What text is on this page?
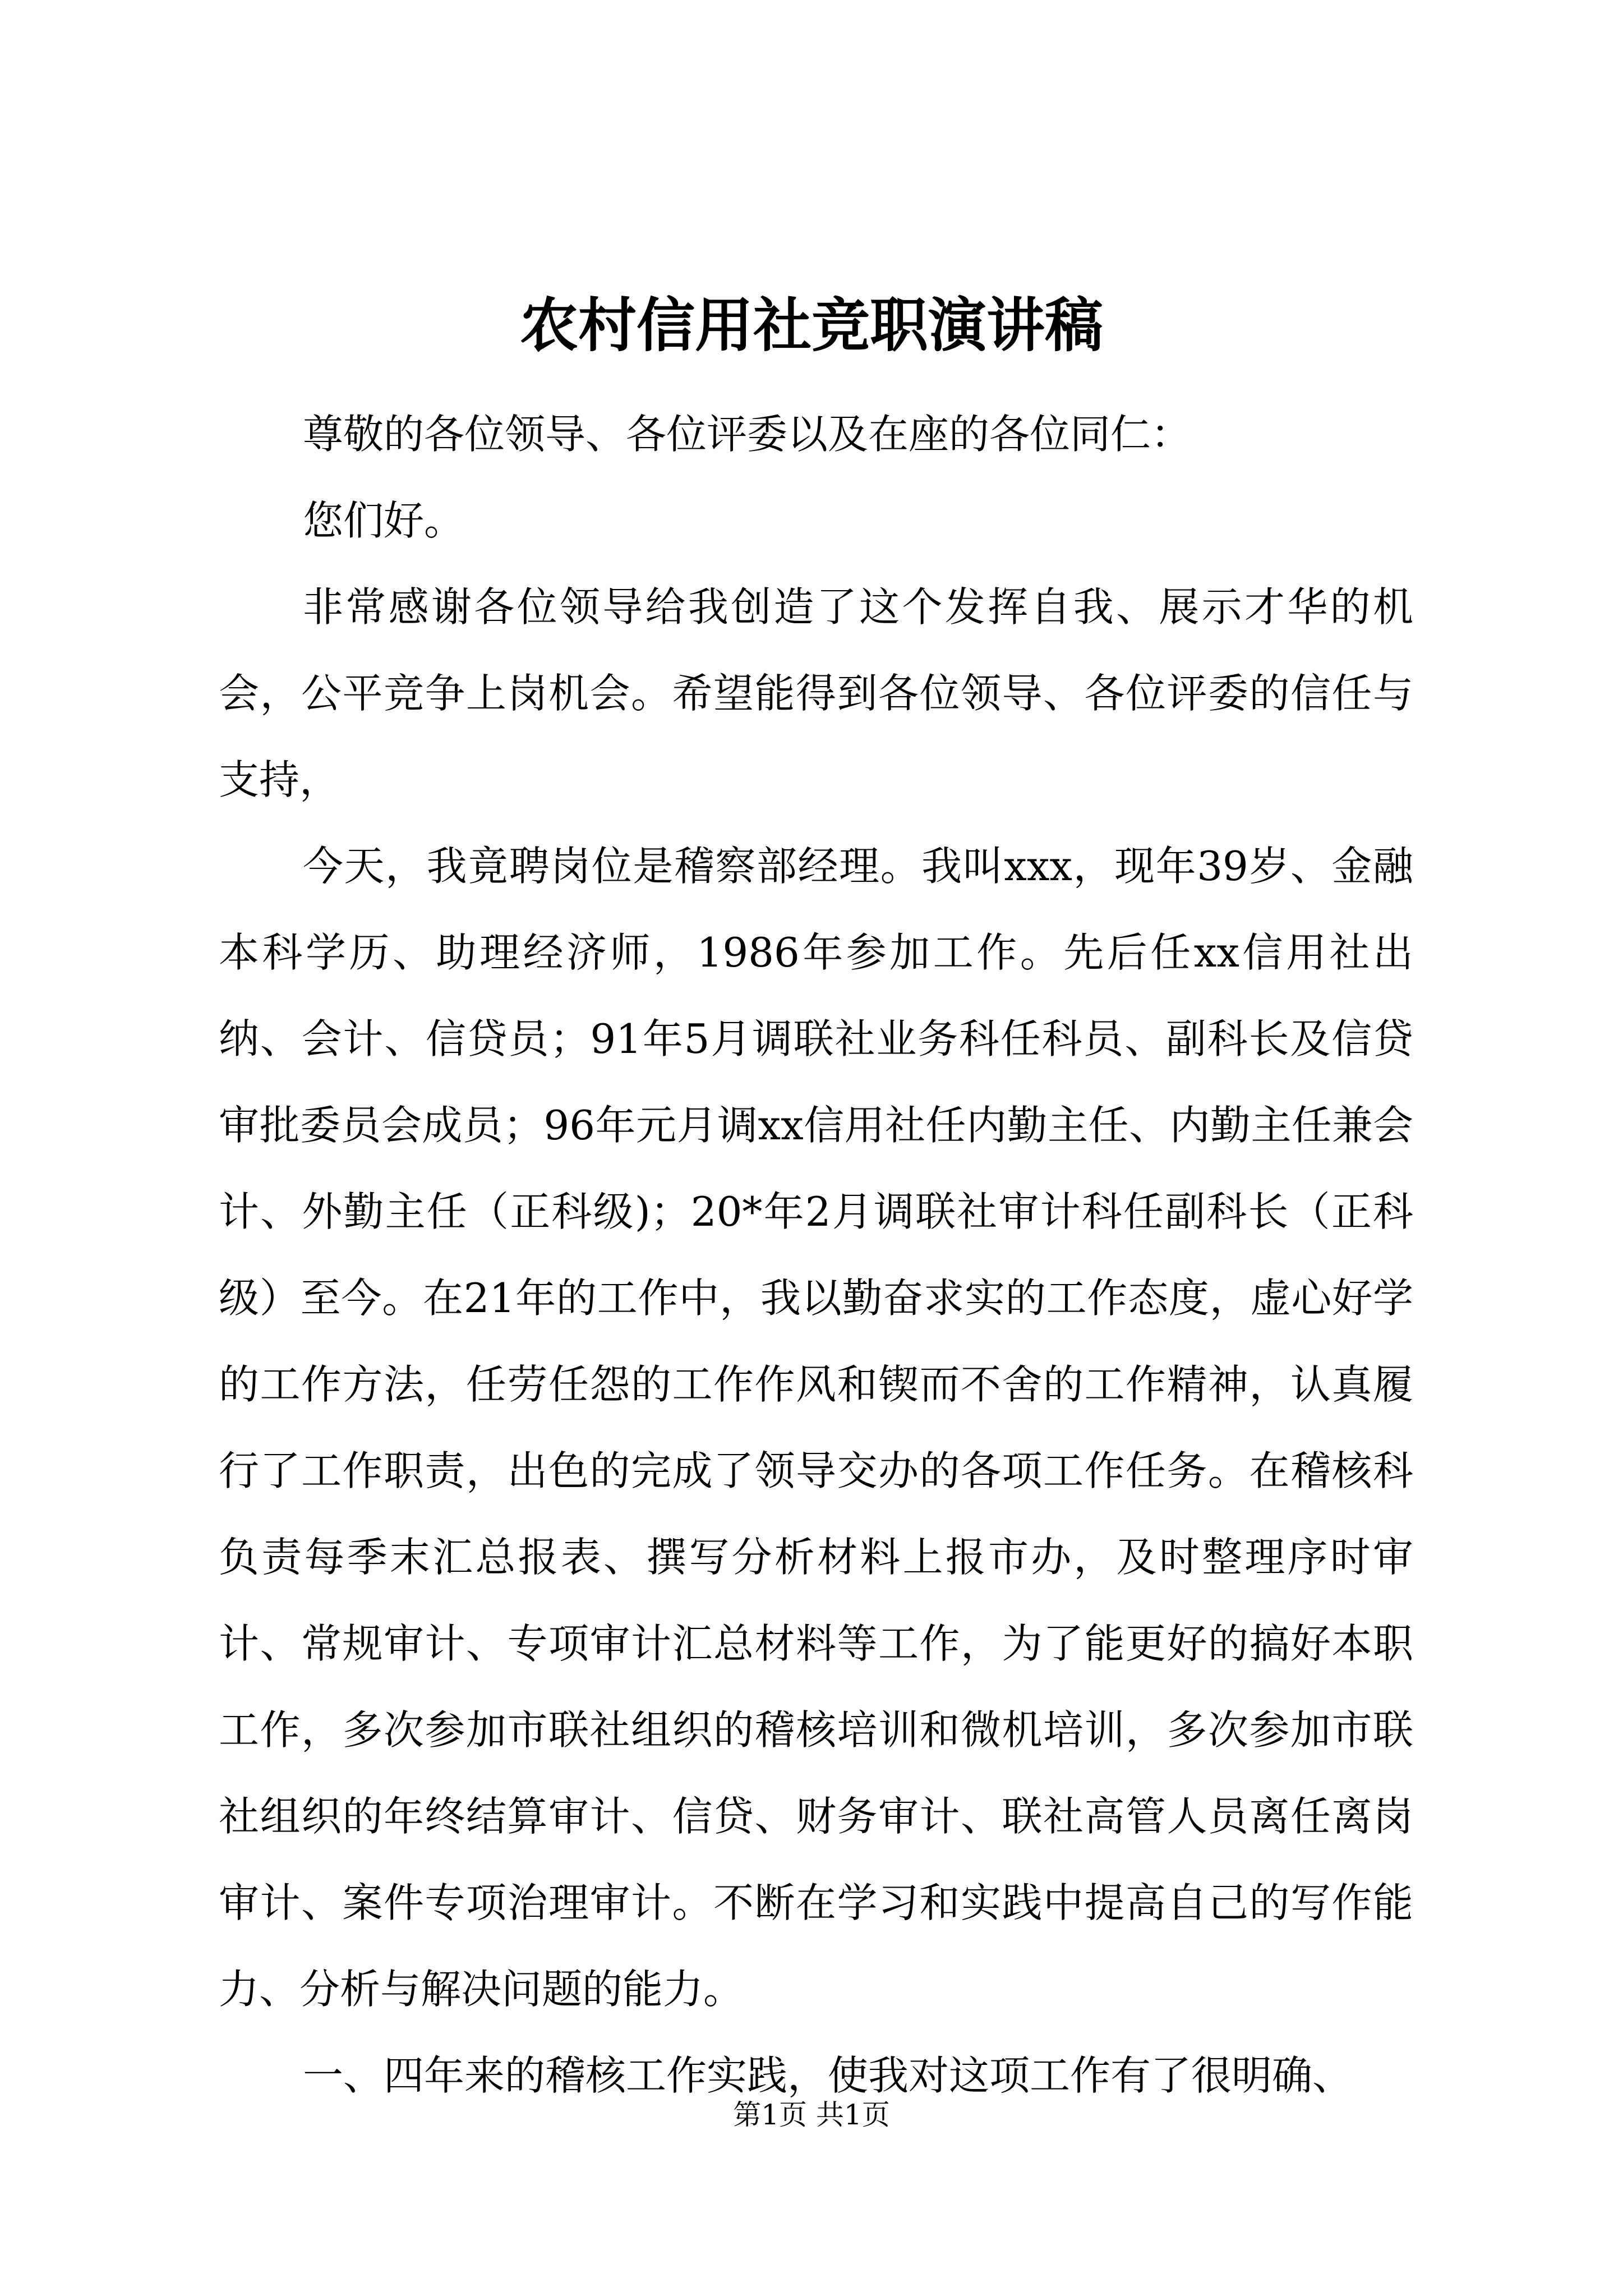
农村信用社竞职演讲稿

尊敬的各位领导、各位评委以及在座的各位同仁：

您们好。

非常感谢各位领导给我创造了这个发挥自我、展示才华的机会，公平竞争上岗机会。希望能得到各位领导、各位评委的信任与支持，

今天，我竟聘岗位是稽察部经理。我叫xxx，现年39岁、金融本科学历、助理经济师，1986年参加工作。先后任xx信用社出纳、会计、信贷员；91年5月调联社业务科任科员、副科长及信贷审批委员会成员；96年元月调xx信用社任内勤主任、内勤主任兼会计、外勤主任（正科级)；20*年2月调联社审计科任副科长（正科级）至今。在21年的工作中，我以勤奋求实的工作态度，虚心好学的工作方法，任劳任怨的工作作风和锲而不舍的工作精神，认真履行了工作职责，出色的完成了领导交办的各项工作任务。在稽核科负责每季末汇总报表、撰写分析材料上报市办，及时整理序时审计、常规审计、专项审计汇总材料等工作，为了能更好的搞好本职工作，多次参加市联社组织的稽核培训和微机培训，多次参加市联社组织的年终结算审计、信贷、财务审计、联社高管人员离任离岗审计、案件专项治理审计。不断在学习和实践中提高自己的写作能力、分析与解决问题的能力。

一、四年来的稽核工作实践，使我对这项工作有了很明确、

第1页 共1页
